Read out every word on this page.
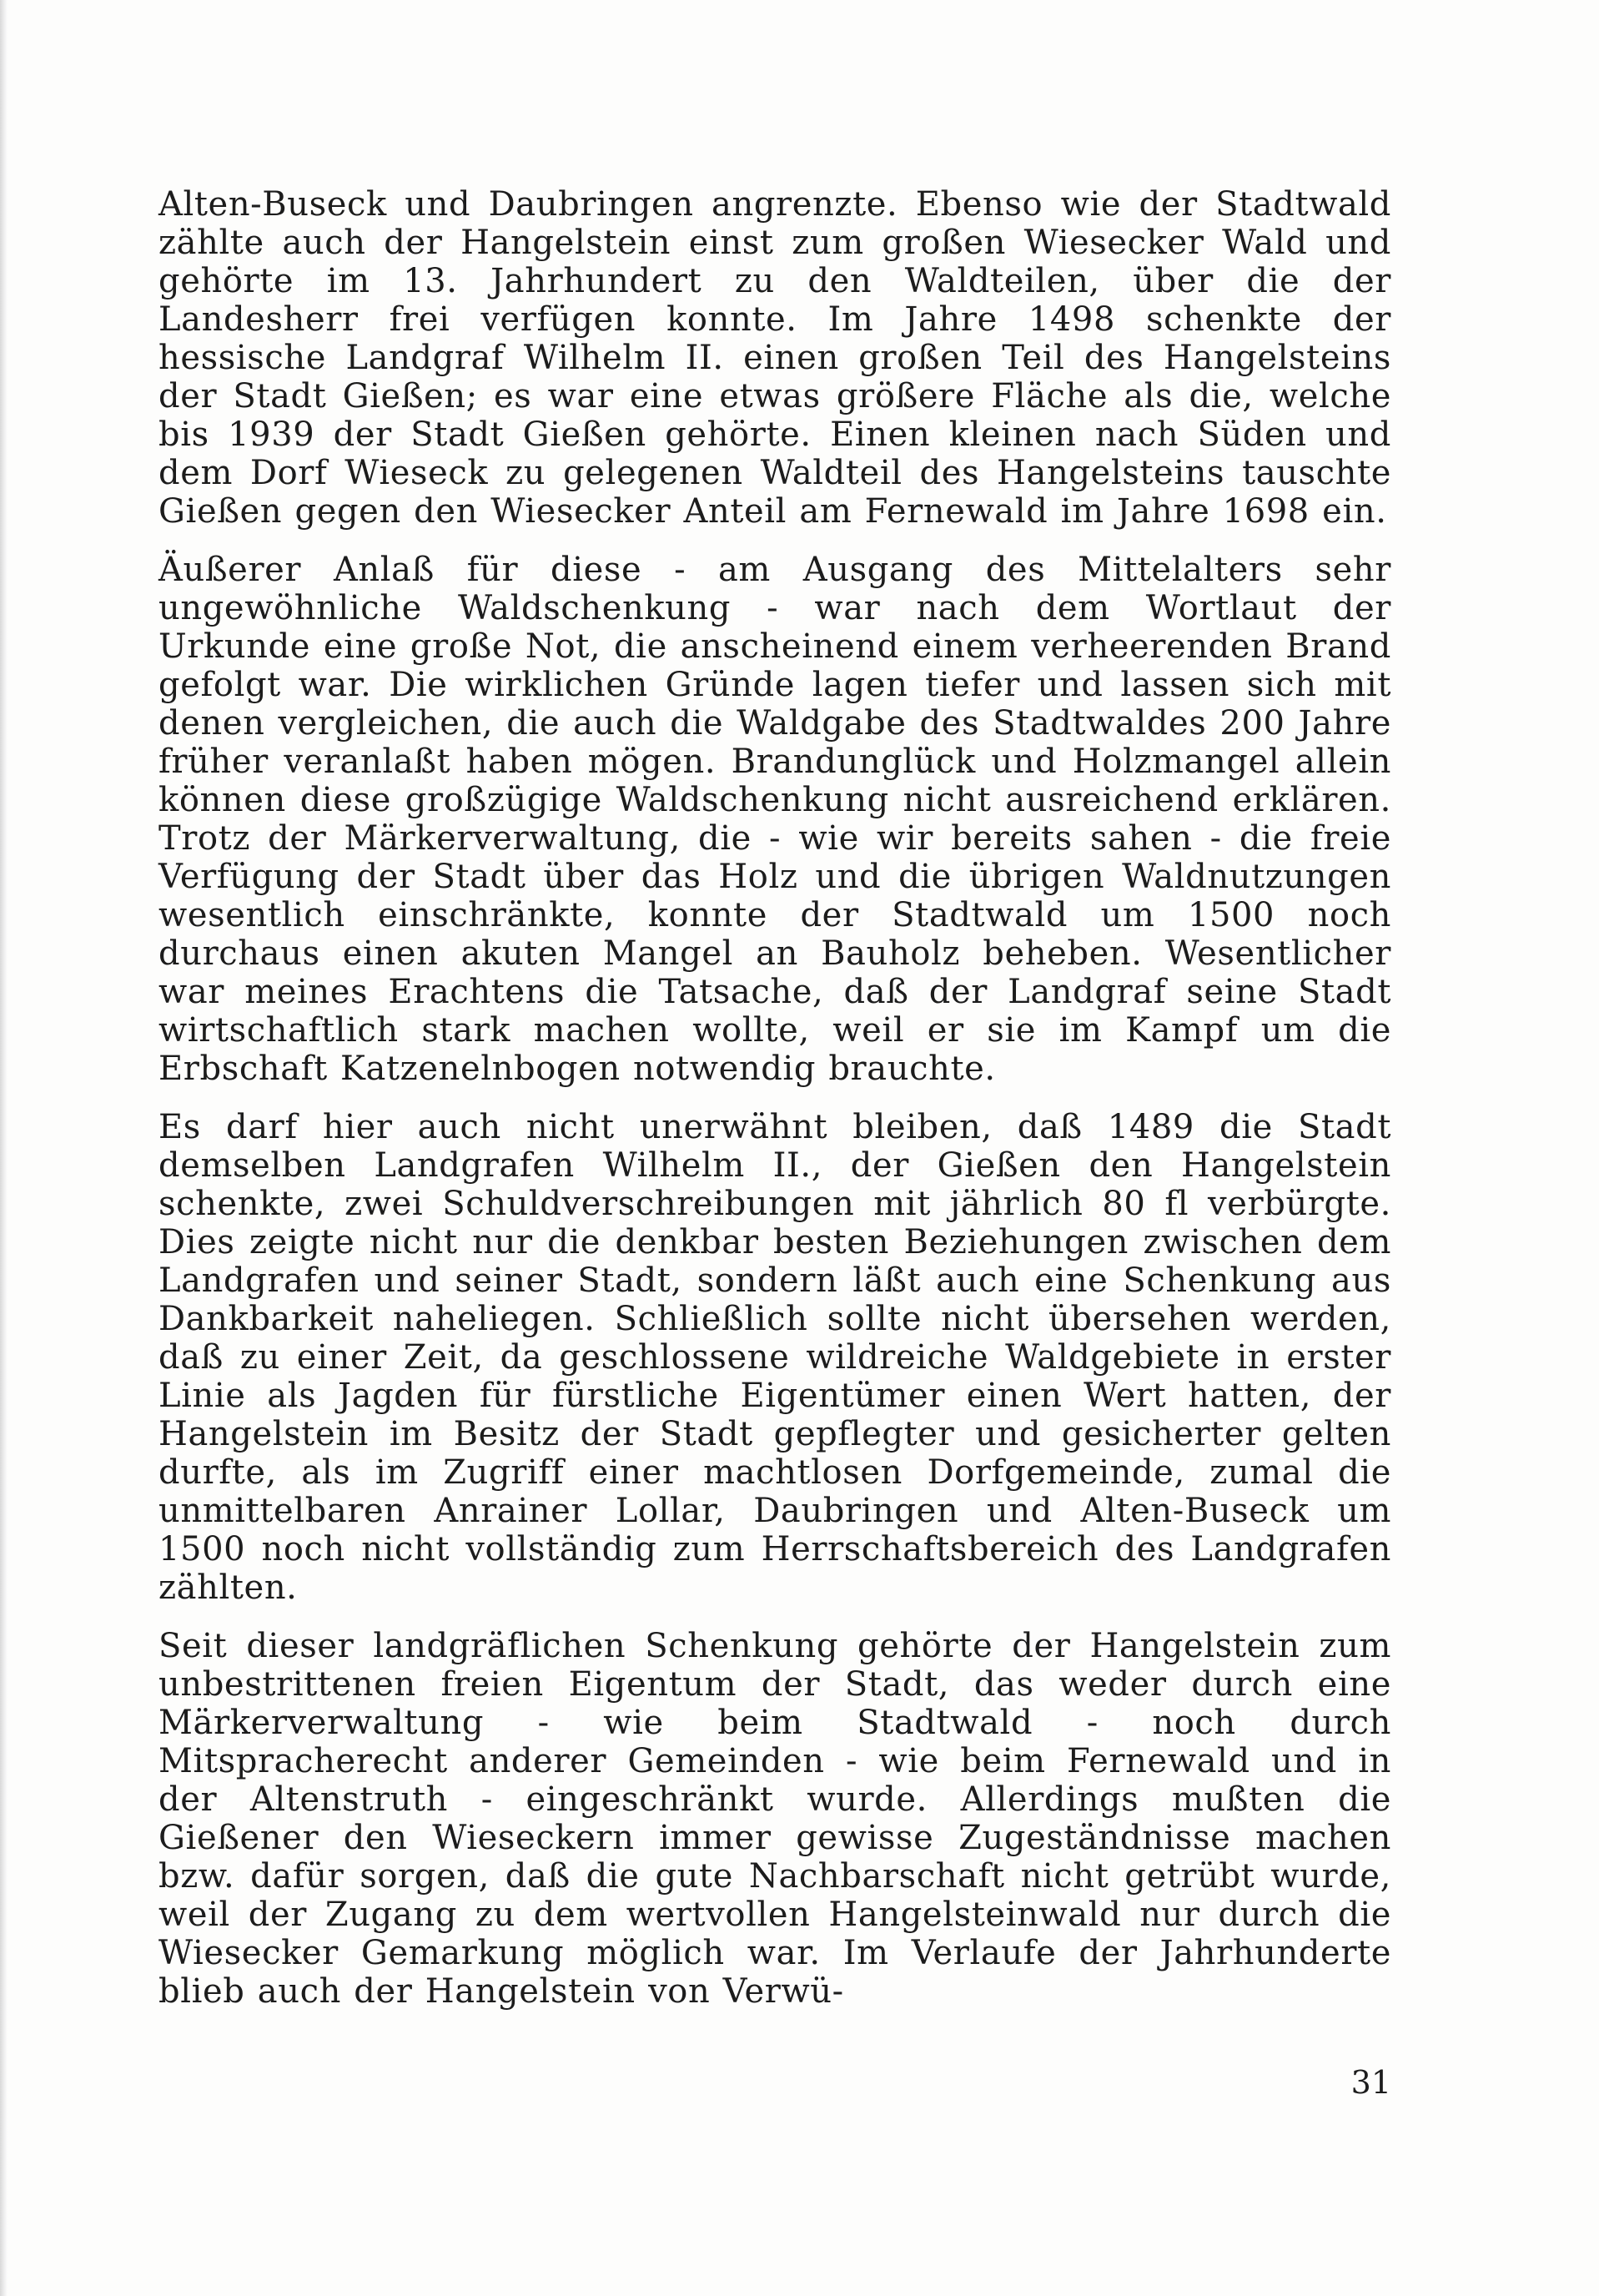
Alten-Buseck und Daubringen angrenzte. Ebenso wie der Stadtwald zählte auch der Hangelstein einst zum großen Wiesecker Wald und gehörte im 13. Jahrhundert zu den Waldteilen, über die der Landesherr frei verfügen konnte. Im Jahre 1498 schenkte der hessische Landgraf Wilhelm II. einen großen Teil des Hangelsteins der Stadt Gießen; es war eine etwas größere Fläche als die, welche bis 1939 der Stadt Gießen gehörte. Einen kleinen nach Süden und dem Dorf Wieseck zu gelegenen Waldteil des Hangelsteins tauschte Gießen gegen den Wiesecker Anteil am Fernewald im Jahre 1698 ein.

Äußerer Anlaß für diese - am Ausgang des Mittelalters sehr ungewöhnliche Waldschenkung - war nach dem Wortlaut der Urkunde eine große Not, die anscheinend einem verheerenden Brand gefolgt war. Die wirklichen Gründe lagen tiefer und lassen sich mit denen vergleichen, die auch die Waldgabe des Stadtwaldes 200 Jahre früher veranlaßt haben mögen. Brandunglück und Holzmangel allein können diese großzügige Waldschenkung nicht ausreichend erklären. Trotz der Märkerverwaltung, die - wie wir bereits sahen - die freie Verfügung der Stadt über das Holz und die übrigen Waldnutzungen wesentlich einschränkte, konnte der Stadtwald um 1500 noch durchaus einen akuten Mangel an Bauholz beheben. Wesentlicher war meines Erachtens die Tatsache, daß der Landgraf seine Stadt wirtschaftlich stark machen wollte, weil er sie im Kampf um die Erbschaft Katzenelnbogen notwendig brauchte.

Es darf hier auch nicht unerwähnt bleiben, daß 1489 die Stadt demselben Landgrafen Wilhelm II., der Gießen den Hangelstein schenkte, zwei Schuldverschreibungen mit jährlich 80 fl verbürgte. Dies zeigte nicht nur die denkbar besten Beziehungen zwischen dem Landgrafen und seiner Stadt, sondern läßt auch eine Schenkung aus Dankbarkeit naheliegen. Schließlich sollte nicht übersehen werden, daß zu einer Zeit, da geschlossene wildreiche Waldgebiete in erster Linie als Jagden für fürstliche Eigentümer einen Wert hatten, der Hangelstein im Besitz der Stadt gepflegter und gesicherter gelten durfte, als im Zugriff einer machtlosen Dorfgemeinde, zumal die unmittelbaren Anrainer Lollar, Daubringen und Alten-Buseck um 1500 noch nicht vollständig zum Herrschaftsbereich des Landgrafen zählten.

Seit dieser landgräflichen Schenkung gehörte der Hangelstein zum unbestrittenen freien Eigentum der Stadt, das weder durch eine Märkerverwaltung - wie beim Stadtwald - noch durch Mitspracherecht anderer Gemeinden - wie beim Fernewald und in der Altenstruth - eingeschränkt wurde. Allerdings mußten die Gießener den Wieseckern immer gewisse Zugeständnisse machen bzw. dafür sorgen, daß die gute Nachbarschaft nicht getrübt wurde, weil der Zugang zu dem wertvollen Hangelsteinwald nur durch die Wiesecker Gemarkung möglich war. Im Verlaufe der Jahrhunderte blieb auch der Hangelstein von Verwü-

31
